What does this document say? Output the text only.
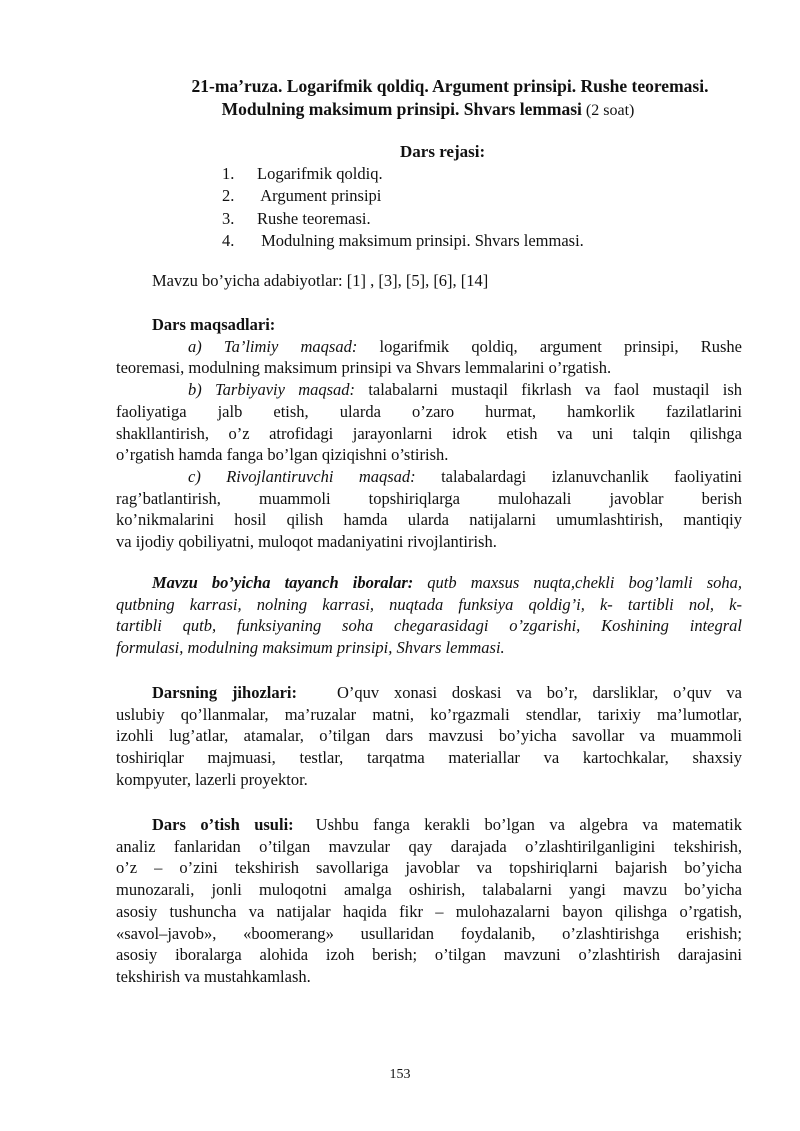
21-ma’ruza. Logarifmik qoldiq. Argument prinsipi. Rushe teoremasi.
Modulning maksimum prinsipi. Shvars lemmasi (2 soat)
Dars rejasi:
1. Logarifmik qoldiq.
2. Argument prinsipi
3. Rushe teoremasi.
4. Modulning maksimum prinsipi. Shvars lemmasi.
Mavzu bo’yicha adabiyotlar: [1] , [3], [5], [6], [14]
Dars maqsadlari:
a) Ta’limiy maqsad: logarifmik qoldiq, argument prinsipi, Rushe
teoremasi, modulning maksimum prinsipi va Shvars lemmalarini o’rgatish.
b) Tarbiyaviy maqsad: talabalarni mustaqil fikrlash va faol mustaqil ish
faoliyatiga jalb etish, ularda o’zaro hurmat, hamkorlik fazilatlarini
shakllantirish, o’z atrofidagi jarayonlarni idrok etish va uni talqin qilishga
o’rgatish hamda fanga bo’lgan qiziqishni o’stirish.
c) Rivojlantiruvchi maqsad: talabalardagi izlanuvchanlik faoliyatini
rag’batlantirish, muammoli topshiriqlarga mulohazali javoblar berish
ko’nikmalarini hosil qilish hamda ularda natijalarni umumlashtirish, mantiqiy
va ijodiy qobiliyatni, muloqot madaniyatini rivojlantirish.
Mavzu bo’yicha tayanch iboralar: qutb maxsus nuqta,chekli bog’lamli soha,
qutbning karrasi, nolning karrasi, nuqtada funksiya qoldig’i, k- tartibli nol, k-
tartibli qutb, funksiyaning soha chegarasidagi o’zgarishi, Koshining integral
formulasi, modulning maksimum prinsipi, Shvars lemmasi.
Darsning jihozlari: O’quv xonasi doskasi va bo’r, darsliklar, o’quv va
uslubiy qo’llanmalar, ma’ruzalar matni, ko’rgazmali stendlar, tarixiy ma’lumotlar,
izohli lug’atlar, atamalar, o’tilgan dars mavzusi bo’yicha savollar va muammoli
toshiriqlar majmuasi, testlar, tarqatma materiallar va kartochkalar, shaxsiy
kompyuter, lazerli proyektor.
Dars o’tish usuli: Ushbu fanga kerakli bo’lgan va algebra va matematik
analiz fanlaridan o’tilgan mavzular qay darajada o’zlashtirilganligini tekshirish,
o’z – o’zini tekshirish savollariga javoblar va topshiriqlarni bajarish bo’yicha
munozarali, jonli muloqotni amalga oshirish, talabalarni yangi mavzu bo’yicha
asosiy tushuncha va natijalar haqida fikr – mulohazalarni bayon qilishga o’rgatish,
«savol–javob», «boomerang» usullaridan foydalanib, o’zlashtirishga erishish;
asosiy iboralarga alohida izoh berish; o’tilgan mavzuni o’zlashtirish darajasini
tekshirish va mustahkamlash.
153
